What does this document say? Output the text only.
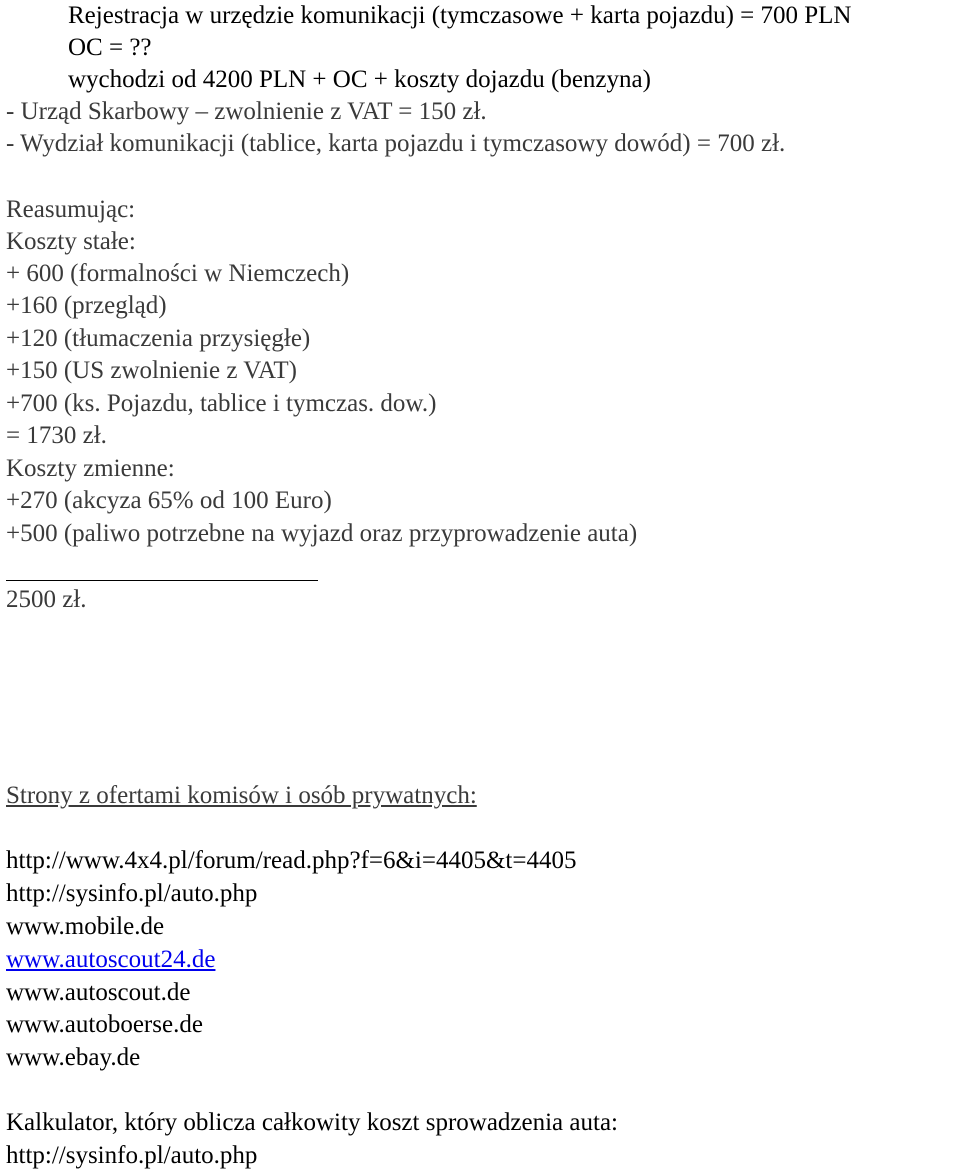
Rejestracja w urzędzie komunikacji (tymczasowe + karta pojazdu) = 700 PLN
OC = ??
wychodzi od 4200 PLN + OC + koszty dojazdu (benzyna)
- Urząd Skarbowy – zwolnienie z VAT = 150 zł.
- Wydział komunikacji (tablice, karta pojazdu i tymczasowy dowód) = 700 zł.
Reasumując:
Koszty stałe:
+ 600 (formalności w Niemczech)
+160 (przegląd)
+120 (tłumaczenia przysięgłe)
+150 (US zwolnienie z VAT)
+700 (ks. Pojazdu, tablice i tymczas. dow.)
= 1730 zł.
Koszty zmienne:
+270 (akcyza 65% od 100 Euro)
+500 (paliwo potrzebne na wyjazd oraz przyprowadzenie auta)
2500 zł.
Strony z ofertami komisów i osób prywatnych:
http://www.4x4.pl/forum/read.php?f=6&i=4405&t=4405
http://sysinfo.pl/auto.php
www.mobile.de
www.autoscout24.de
www.autoscout.de
www.autoboerse.de
www.ebay.de
Kalkulator, który oblicza całkowity koszt sprowadzenia auta:
http://sysinfo.pl/auto.php
